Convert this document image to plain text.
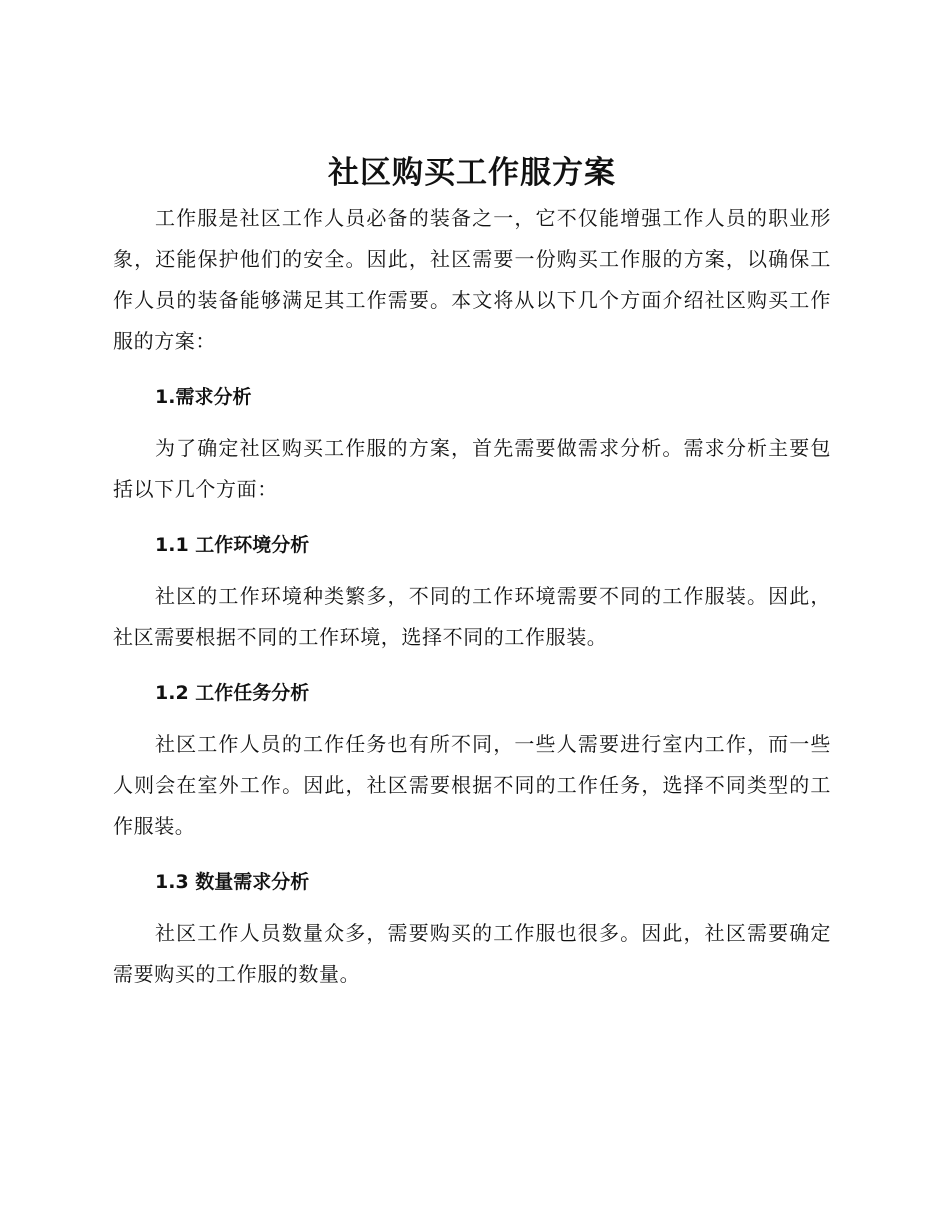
社区购买工作服方案

工作服是社区工作人员必备的装备之一，它不仅能增强工作人员的职业形象，还能保护他们的安全。因此，社区需要一份购买工作服的方案，以确保工作人员的装备能够满足其工作需要。本文将从以下几个方面介绍社区购买工作服的方案：

1.需求分析

为了确定社区购买工作服的方案，首先需要做需求分析。需求分析主要包括以下几个方面：

1.1 工作环境分析

社区的工作环境种类繁多，不同的工作环境需要不同的工作服装。因此，社区需要根据不同的工作环境，选择不同的工作服装。

1.2 工作任务分析

社区工作人员的工作任务也有所不同，一些人需要进行室内工作，而一些人则会在室外工作。因此，社区需要根据不同的工作任务，选择不同类型的工作服装。

1.3 数量需求分析

社区工作人员数量众多，需要购买的工作服也很多。因此，社区需要确定需要购买的工作服的数量。
